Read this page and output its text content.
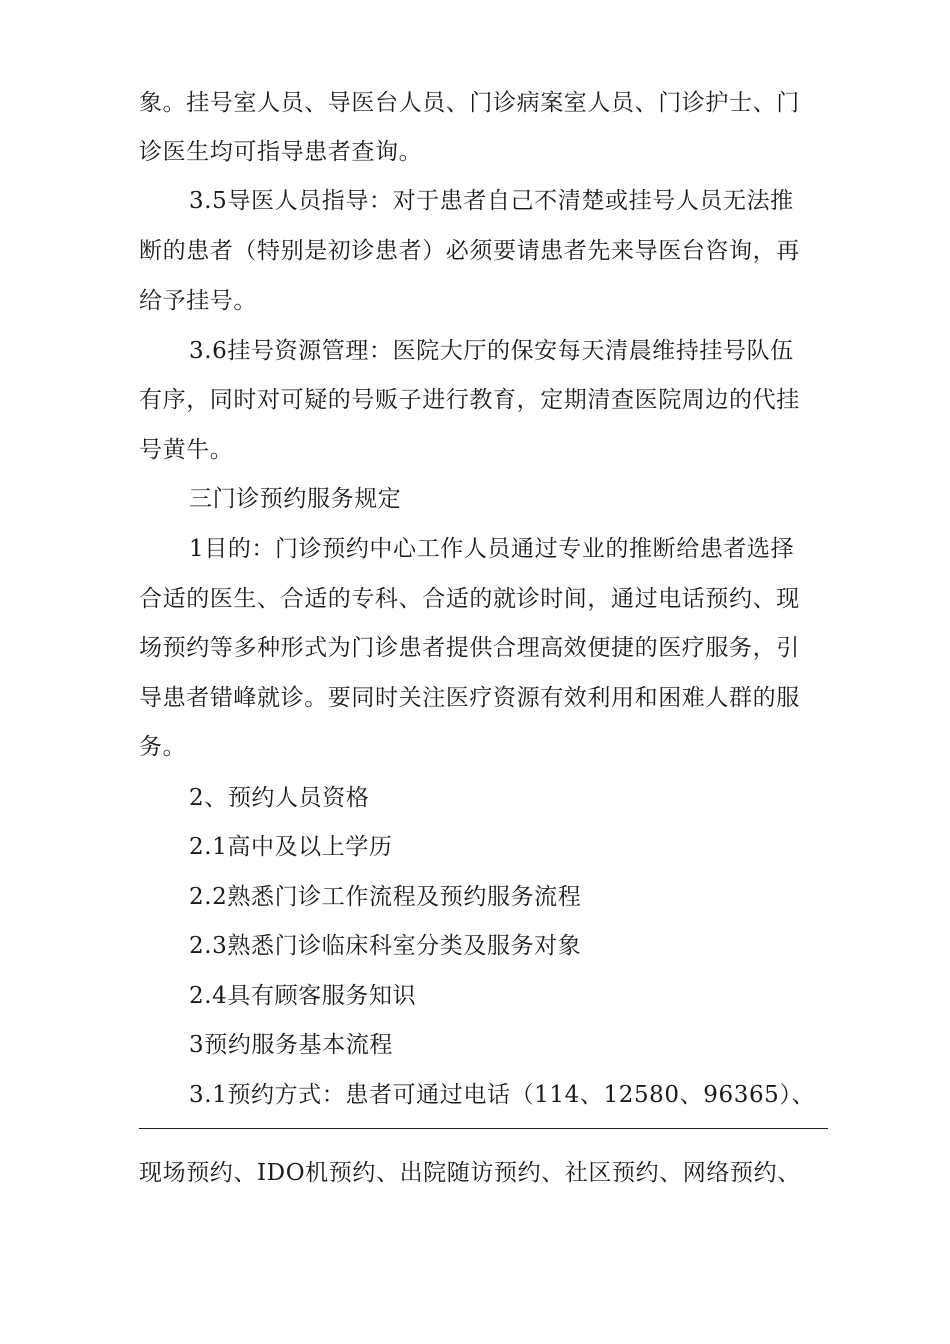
象。挂号室人员、导医台人员、门诊病案室人员、门诊护士、门
诊医生均可指导患者查询。
3.5导医人员指导：对于患者自己不清楚或挂号人员无法推
断的患者（特别是初诊患者）必须要请患者先来导医台咨询，再
给予挂号。
3.6挂号资源管理：医院大厅的保安每天清晨维持挂号队伍
有序，同时对可疑的号贩子进行教育，定期清查医院周边的代挂
号黄牛。
三门诊预约服务规定
1目的：门诊预约中心工作人员通过专业的推断给患者选择
合适的医生、合适的专科、合适的就诊时间，通过电话预约、现
场预约等多种形式为门诊患者提供合理高效便捷的医疗服务，引
导患者错峰就诊。要同时关注医疗资源有效利用和困难人群的服
务。
2、预约人员资格
2.1高中及以上学历
2.2熟悉门诊工作流程及预约服务流程
2.3熟悉门诊临床科室分类及服务对象
2.4具有顾客服务知识
3预约服务基本流程
3.1预约方式：患者可通过电话（114、12580、96365）、
现场预约、IDO机预约、出院随访预约、社区预约、网络预约、
